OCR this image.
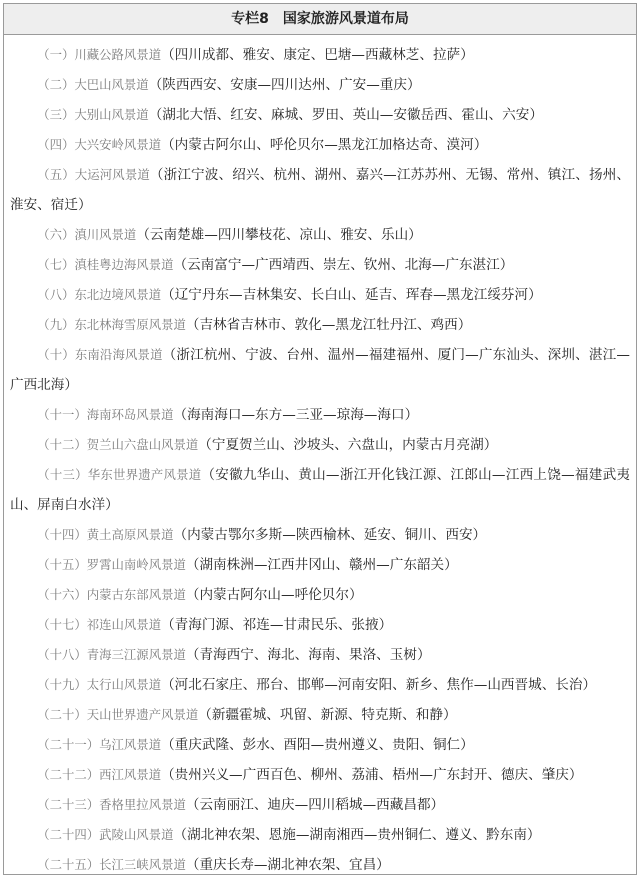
专栏8　国家旅游风景道布局
（一）川藏公路风景道（四川成都、雅安、康定、巴塘—西藏林芝、拉萨）
（二）大巴山风景道（陕西西安、安康—四川达州、广安—重庆）
（三）大别山风景道（湖北大悟、红安、麻城、罗田、英山—安徽岳西、霍山、六安）
（四）大兴安岭风景道（内蒙古阿尔山、呼伦贝尔—黑龙江加格达奇、漠河）
（五）大运河风景道（浙江宁波、绍兴、杭州、湖州、嘉兴—江苏苏州、无锡、常州、镇江、扬州、淮安、宿迁）
（六）滇川风景道（云南楚雄—四川攀枝花、凉山、雅安、乐山）
（七）滇桂粤边海风景道（云南富宁—广西靖西、崇左、钦州、北海—广东湛江）
（八）东北边境风景道（辽宁丹东—吉林集安、长白山、延吉、珲春—黑龙江绥芬河）
（九）东北林海雪原风景道（吉林省吉林市、敦化—黑龙江牡丹江、鸡西）
（十）东南沿海风景道（浙江杭州、宁波、台州、温州—福建福州、厦门—广东汕头、深圳、湛江—广西北海）
（十一）海南环岛风景道（海南海口—东方—三亚—琼海—海口）
（十二）贺兰山六盘山风景道（宁夏贺兰山、沙坡头、六盘山，内蒙古月亮湖）
（十三）华东世界遗产风景道（安徽九华山、黄山—浙江开化钱江源、江郎山—江西上饶—福建武夷山、屏南白水洋）
（十四）黄土高原风景道（内蒙古鄂尔多斯—陕西榆林、延安、铜川、西安）
（十五）罗霄山南岭风景道（湖南株洲—江西井冈山、赣州—广东韶关）
（十六）内蒙古东部风景道（内蒙古阿尔山—呼伦贝尔）
（十七）祁连山风景道（青海门源、祁连—甘肃民乐、张掖）
（十八）青海三江源风景道（青海西宁、海北、海南、果洛、玉树）
（十九）太行山风景道（河北石家庄、邢台、邯郸—河南安阳、新乡、焦作—山西晋城、长治）
（二十）天山世界遗产风景道（新疆霍城、巩留、新源、特克斯、和静）
（二十一）乌江风景道（重庆武隆、彭水、酉阳—贵州遵义、贵阳、铜仁）
（二十二）西江风景道（贵州兴义—广西百色、柳州、荔浦、梧州—广东封开、德庆、肇庆）
（二十三）香格里拉风景道（云南丽江、迪庆—四川稻城—西藏昌都）
（二十四）武陵山风景道（湖北神农架、恩施—湖南湘西—贵州铜仁、遵义、黔东南）
（二十五）长江三峡风景道（重庆长寿—湖北神农架、宜昌）
